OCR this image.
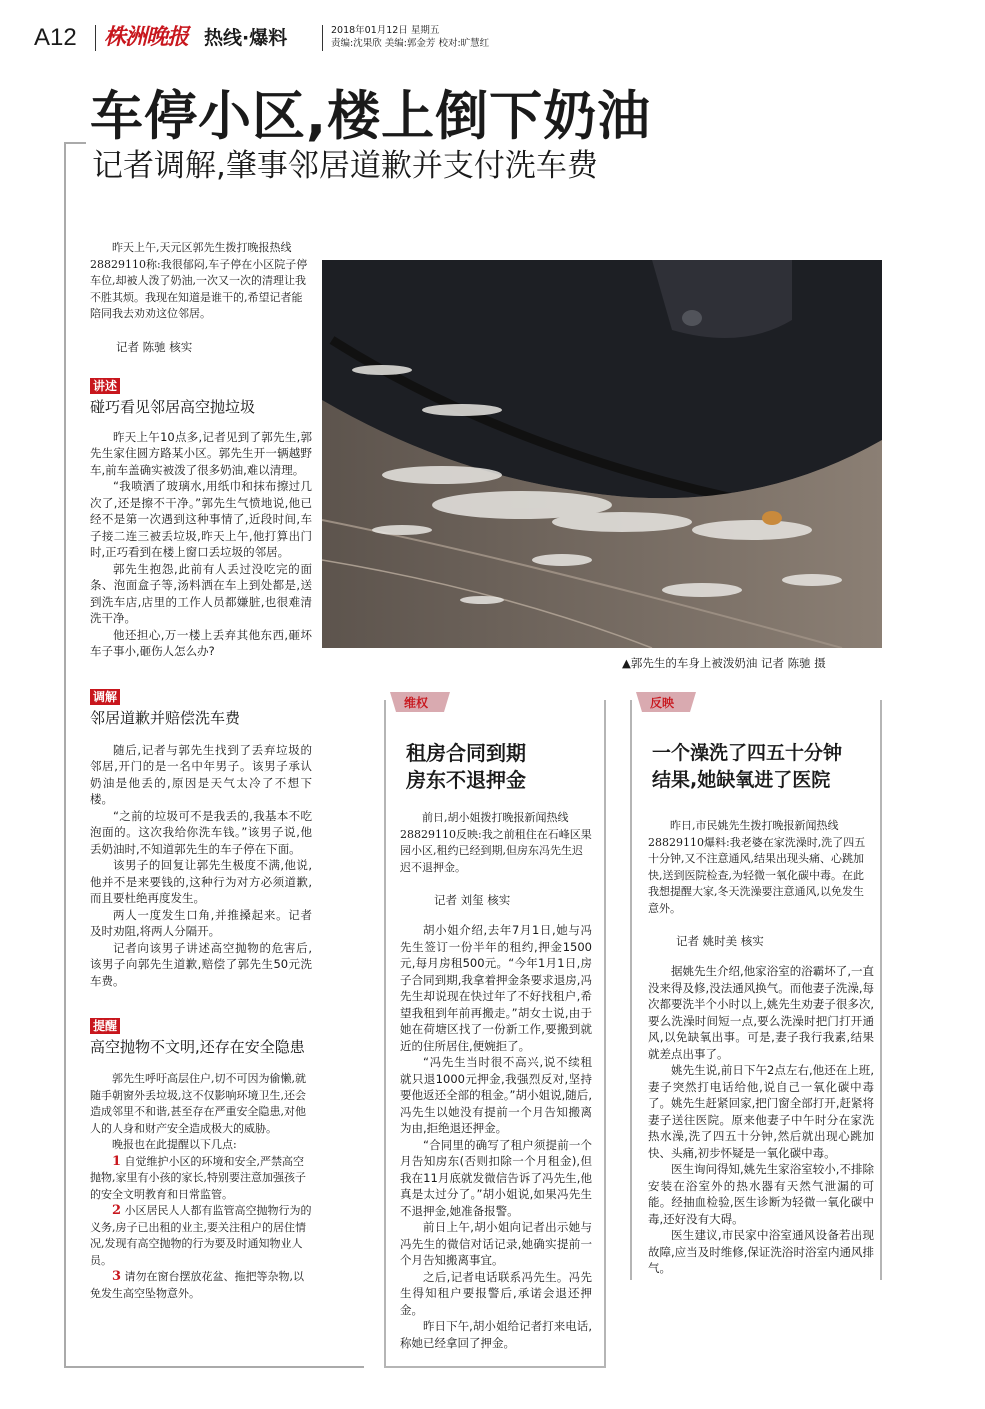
A12 株洲晚报 热线·爆料	2018年01月12日 星期五
责编:沈果欣 美编:郭金芳 校对:旷慧红
车停小区,楼上倒下奶油
记者调解,肇事邻居道歉并支付洗车费

昨天上午,天元区郭先生拨打晚报热线28829110称:我很郁闷,车子停在小区院子停车位,却被人泼了奶油,一次又一次的清理让我不胜其烦。我现在知道是谁干的,希望记者能陪同我去劝劝这位邻居。

记者 陈驰 核实
讲述
碰巧看见邻居高空抛垃圾

昨天上午10点多,记者见到了郭先生,郭先生家住圆方路某小区。郭先生开一辆越野车,前车盖确实被泼了很多奶油,难以清理。

“我喷洒了玻璃水,用纸巾和抹布擦过几次了,还是擦不干净。”郭先生气愤地说,他已经不是第一次遇到这种事情了,近段时间,车子接二连三被丢垃圾,昨天上午,他打算出门时,正巧看到在楼上窗口丢垃圾的邻居。

郭先生抱怨,此前有人丢过没吃完的面条、泡面盒子等,汤料洒在车上到处都是,送到洗车店,店里的工作人员都嫌脏,也很难清洗干净。

他还担心,万一楼上丢弃其他东西,砸坏车子事小,砸伤人怎么办?

调解
邻居道歉并赔偿洗车费

随后,记者与郭先生找到了丢弃垃圾的邻居,开门的是一名中年男子。该男子承认奶油是他丢的,原因是天气太冷了不想下楼。

“之前的垃圾可不是我丢的,我基本不吃泡面的。这次我给你洗车钱。”该男子说,他丢奶油时,不知道郭先生的车子停在下面。

该男子的回复让郭先生极度不满,他说,他并不是来要钱的,这种行为对方必须道歉,而且要杜绝再度发生。

两人一度发生口角,并推搡起来。记者及时劝阻,将两人分隔开。

记者向该男子讲述高空抛物的危害后,该男子向郭先生道歉,赔偿了郭先生50元洗车费。

提醒
高空抛物不文明,还存在安全隐患

郭先生呼吁高层住户,切不可因为偷懒,就随手朝窗外丢垃圾,这不仅影响环境卫生,还会造成邻里不和谐,甚至存在严重安全隐患,对他人的人身和财产安全造成极大的威胁。

晚报也在此提醒以下几点:

1 自觉维护小区的环境和安全,严禁高空抛物,家里有小孩的家长,特别要注意加强孩子的安全文明教育和日常监管。

2 小区居民人人都有监管高空抛物行为的义务,房子已出租的业主,要关注租户的居住情况,发现有高空抛物的行为要及时通知物业人员。

3 请勿在窗台摆放花盆、拖把等杂物,以免发生高空坠物意外。

▲郭先生的车身上被泼奶油 记者 陈驰 摄
维权
租房合同到期
房东不退押金

前日,胡小姐拨打晚报新闻热线28829110反映:我之前租住在石峰区果园小区,租约已经到期,但房东冯先生迟迟不退押金。

记者 刘玺 核实

胡小姐介绍,去年7月1日,她与冯先生签订一份半年的租约,押金1500元,每月房租500元。“今年1月1日,房子合同到期,我拿着押金条要求退房,冯先生却说现在快过年了不好找租户,希望我租到年前再搬走。”胡女士说,由于她在荷塘区找了一份新工作,要搬到就近的住所居住,便婉拒了。

“冯先生当时很不高兴,说不续租就只退1000元押金,我强烈反对,坚持要他返还全部的租金。”胡小姐说,随后,冯先生以她没有提前一个月告知搬离为由,拒绝退还押金。

“合同里的确写了租户须提前一个月告知房东(否则扣除一个月租金),但我在11月底就发微信告诉了冯先生,他真是太过分了。”胡小姐说,如果冯先生不退押金,她准备报警。

前日上午,胡小姐向记者出示她与冯先生的微信对话记录,她确实提前一个月告知搬离事宜。

之后,记者电话联系冯先生。冯先生得知租户要报警后,承诺会退还押金。

昨日下午,胡小姐给记者打来电话,称她已经拿回了押金。

反映
一个澡洗了四五十分钟
结果,她缺氧进了医院

昨日,市民姚先生拨打晚报新闻热线28829110爆料:我老婆在家洗澡时,洗了四五十分钟,又不注意通风,结果出现头痛、心跳加快,送到医院检查,为轻微一氧化碳中毒。在此我想提醒大家,冬天洗澡要注意通风,以免发生意外。

记者 姚时美 核实

据姚先生介绍,他家浴室的浴霸坏了,一直没来得及修,没法通风换气。而他妻子洗澡,每次都要洗半个小时以上,姚先生劝妻子很多次,要么洗澡时间短一点,要么洗澡时把门打开通风,以免缺氧出事。可是,妻子我行我素,结果就差点出事了。

姚先生说,前日下午2点左右,他还在上班,妻子突然打电话给他,说自己一氧化碳中毒了。姚先生赶紧回家,把门窗全部打开,赶紧将妻子送往医院。原来他妻子中午时分在家洗热水澡,洗了四五十分钟,然后就出现心跳加快、头痛,初步怀疑是一氧化碳中毒。

医生询问得知,姚先生家浴室较小,不排除安装在浴室外的热水器有天然气泄漏的可能。经抽血检验,医生诊断为轻微一氧化碳中毒,还好没有大碍。

医生建议,市民家中浴室通风设备若出现故障,应当及时维修,保证洗浴时浴室内通风排气。
